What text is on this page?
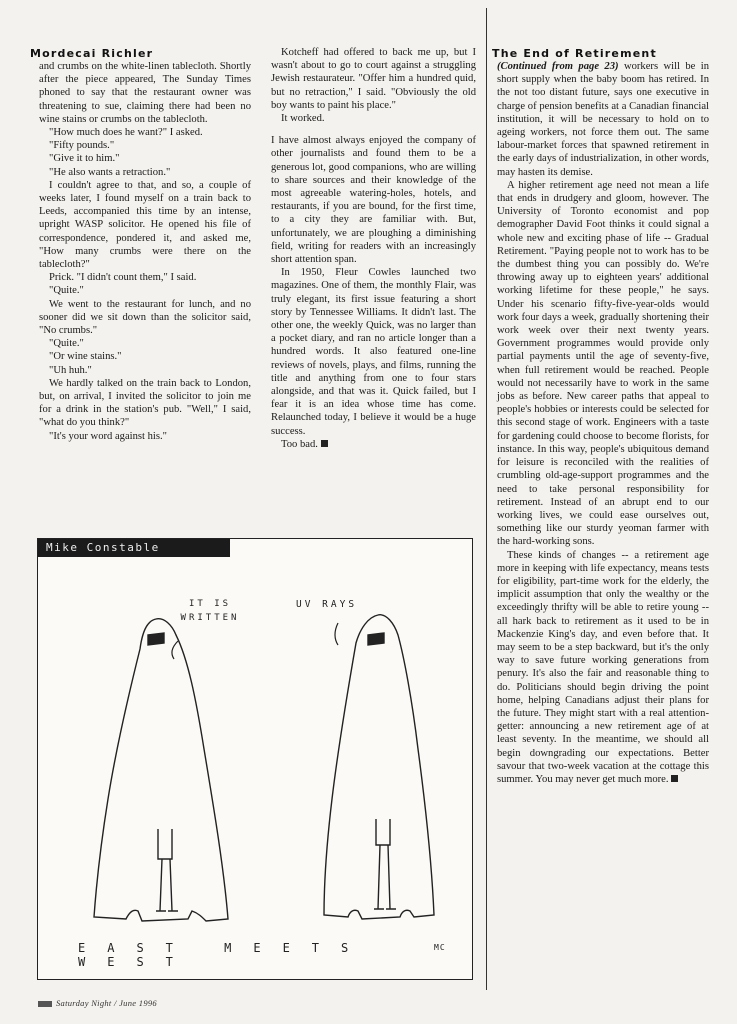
Mordecai Richler	The End of Retirement

and crumbs on the white-linen tablecloth. Shortly after the piece appeared, The Sunday Times phoned to say that the restaurant owner was threatening to sue, claiming there had been no wine stains or crumbs on the tablecloth.

"How much does he want?" I asked.

"Fifty pounds."

"Give it to him."

"He also wants a retraction."

I couldn't agree to that, and so, a couple of weeks later, I found myself on a train back to Leeds, accompanied this time by an intense, upright WASP solicitor. He opened his file of correspondence, pondered it, and asked me, "How many crumbs were there on the tablecloth?"

Prick. "I didn't count them," I said.

"Quite."

We went to the restaurant for lunch, and no sooner did we sit down than the solicitor said, "No crumbs."

"Quite."

"Or wine stains."

"Uh huh."

We hardly talked on the train back to London, but, on arrival, I invited the solicitor to join me for a drink in the station's pub. "Well," I said, "what do you think?"

"It's your word against his."

Kotcheff had offered to back me up, but I wasn't about to go to court against a struggling Jewish restaurateur. "Offer him a hundred quid, but no retraction," I said. "Obviously the old boy wants to paint his place."

It worked.

I have almost always enjoyed the company of other journalists and found them to be a generous lot, good companions, who are willing to share sources and their knowledge of the most agreeable watering-holes, hotels, and restaurants, if you are bound, for the first time, to a city they are familiar with. But, unfortunately, we are ploughing a diminishing field, writing for readers with an increasingly short attention span.

In 1950, Fleur Cowles launched two magazines. One of them, the monthly Flair, was truly elegant, its first issue featuring a short story by Tennessee Williams. It didn't last. The other one, the weekly Quick, was no larger than a pocket diary, and ran no article longer than a hundred words. It also featured one-line reviews of novels, plays, and films, running the title and anything from one to four stars alongside, and that was it. Quick failed, but I fear it is an idea whose time has come. Relaunched today, I believe it would be a huge success.

Too bad.

(Continued from page 23) workers will be in short supply when the baby boom has retired. In the not too distant future, says one executive in charge of pension benefits at a Canadian financial institution, it will be necessary to hold on to ageing workers, not force them out. The same labour-market forces that spawned retirement in the early days of industrialization, in other words, may hasten its demise.

A higher retirement age need not mean a life that ends in drudgery and gloom, however. The University of Toronto economist and pop demographer David Foot thinks it could signal a whole new and exciting phase of life -- Gradual Retirement. "Paying people not to work has to be the dumbest thing you can possibly do. We're throwing away up to eighteen years' additional working lifetime for these people," he says. Under his scenario fifty-five-year-olds would work four days a week, gradually shortening their work week over their next twenty years. Government programmes would provide only partial payments until the age of seventy-five, when full retirement would be reached. People would not necessarily have to work in the same jobs as before. New career paths that appeal to people's hobbies or interests could be selected for this second stage of work. Engineers with a taste for gardening could choose to become florists, for instance. In this way, people's ubiquitous demand for leisure is reconciled with the realities of crumbling old-age-support programmes and the need to take personal responsibility for retirement. Instead of an abrupt end to our working lives, we could ease ourselves out, something like our sturdy yeoman farmer with the hard-working sons.

These kinds of changes -- a retirement age more in keeping with life expectancy, means tests for eligibility, part-time work for the elderly, the implicit assumption that only the wealthy or the exceedingly thrifty will be able to retire young -- all hark back to retirement as it used to be in Mackenzie King's day, and even before that. It may seem to be a step backward, but it's the only way to save future working generations from penury. It's also the fair and reasonable thing to do. Politicians should begin driving the point home, helping Canadians adjust their plans for the future. They might start with a real attention-getter: announcing a new retirement age of at least seventy. In the meantime, we should all begin downgrading our expectations. Better savour that two-week vacation at the cottage this summer. You may never get much more.

Mike Constable
IT IS WRITTEN
UV RAYS
EAST MEETS WEST
MC
Saturday Night / June 1996
